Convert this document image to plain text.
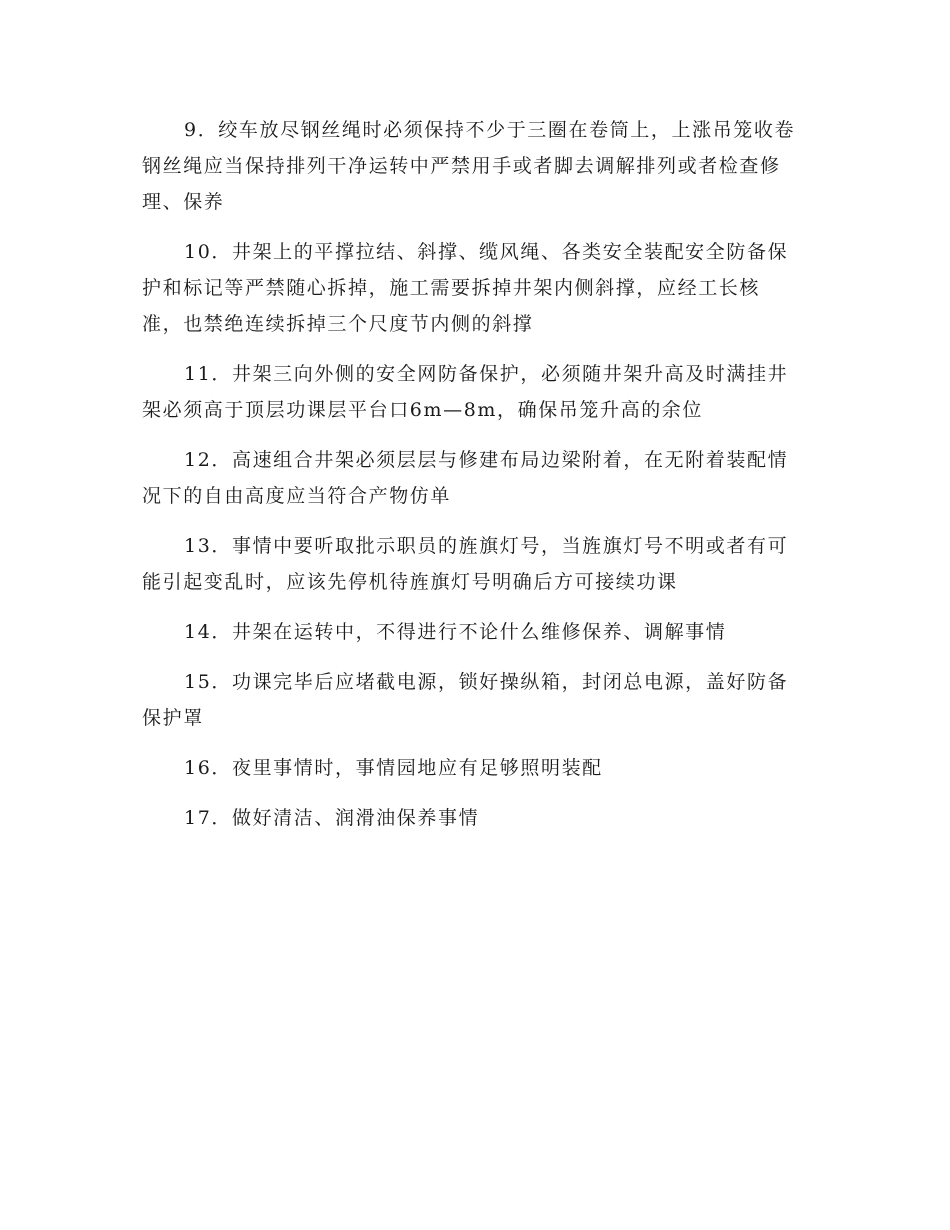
9．绞车放尽钢丝绳时必须保持不少于三圈在卷筒上，上涨吊笼收卷钢丝绳应当保持排列干净运转中严禁用手或者脚去调解排列或者检查修理、保养

10．井架上的平撑拉结、斜撑、缆风绳、各类安全装配安全防备保护和标记等严禁随心拆掉，施工需要拆掉井架内侧斜撑，应经工长核准，也禁绝连续拆掉三个尺度节内侧的斜撑

11．井架三向外侧的安全网防备保护，必须随井架升高及时满挂井架必须高于顶层功课层平台口6m—8m，确保吊笼升高的余位

12．高速组合井架必须层层与修建布局边梁附着，在无附着装配情况下的自由高度应当符合产物仿单

13．事情中要听取批示职员的旌旗灯号，当旌旗灯号不明或者有可能引起变乱时，应该先停机待旌旗灯号明确后方可接续功课

14．井架在运转中，不得进行不论什么维修保养、调解事情

15．功课完毕后应堵截电源，锁好操纵箱，封闭总电源，盖好防备保护罩

16．夜里事情时，事情园地应有足够照明装配

17．做好清洁、润滑油保养事情
